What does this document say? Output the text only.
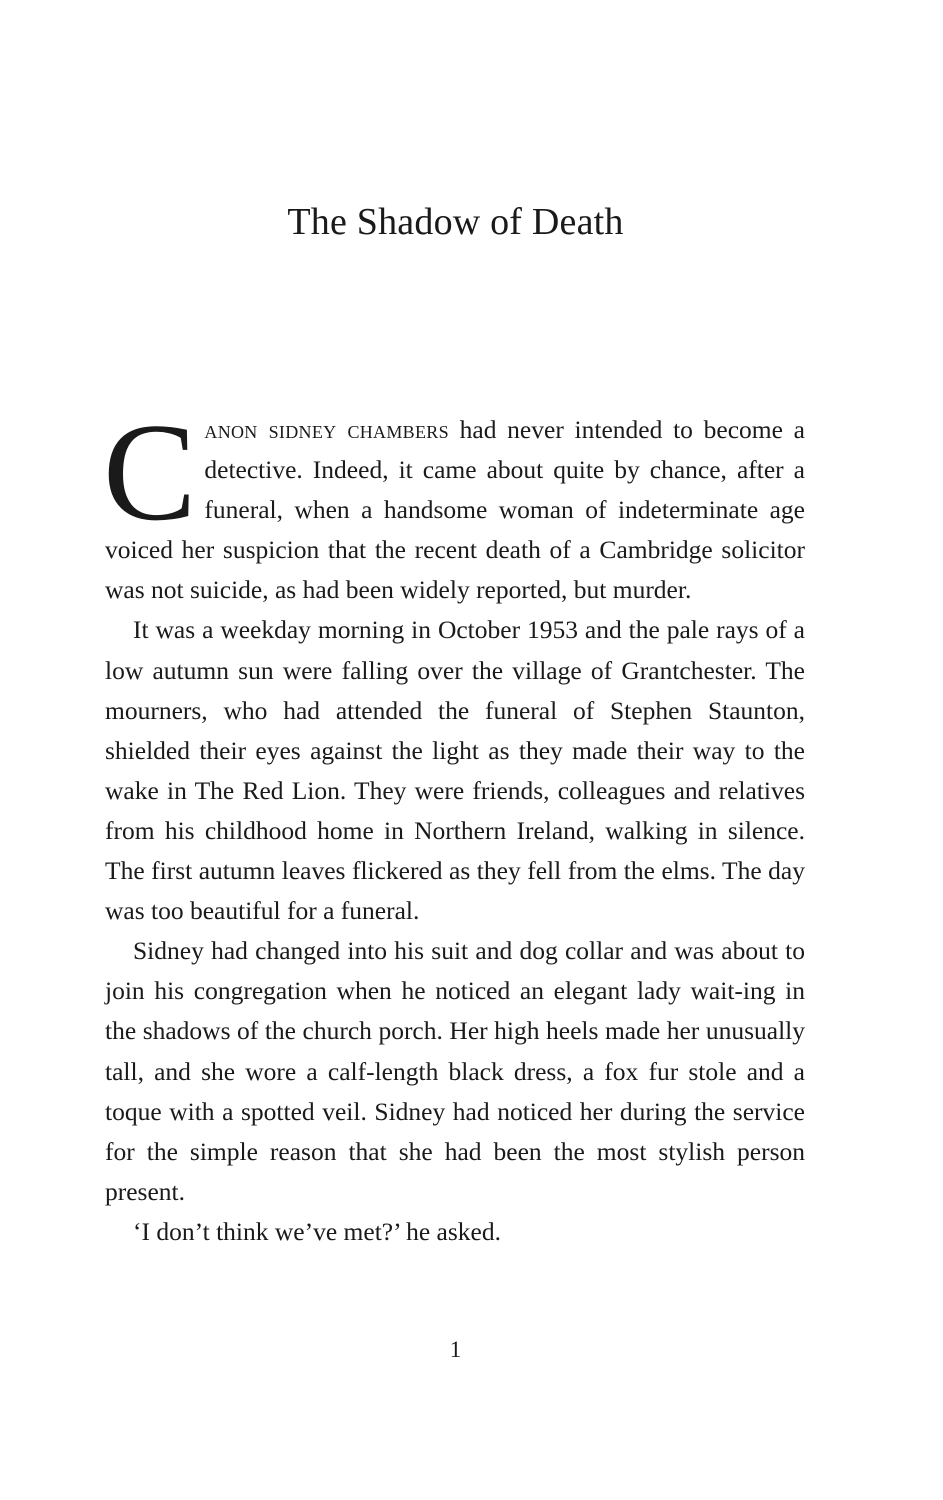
The Shadow of Death

Canon sidney chambers had never intended to become a detective. Indeed, it came about quite by chance, after a funeral, when a handsome woman of indeterminate age voiced her suspicion that the recent death of a Cambridge solicitor was not suicide, as had been widely reported, but murder.

It was a weekday morning in October 1953 and the pale rays of a low autumn sun were falling over the village of Grantchester. The mourners, who had attended the funeral of Stephen Staunton, shielded their eyes against the light as they made their way to the wake in The Red Lion. They were friends, colleagues and relatives from his childhood home in Northern Ireland, walking in silence. The first autumn leaves flickered as they fell from the elms. The day was too beautiful for a funeral.

Sidney had changed into his suit and dog collar and was about to join his congregation when he noticed an elegant lady wait-ing in the shadows of the church porch. Her high heels made her unusually tall, and she wore a calf-length black dress, a fox fur stole and a toque with a spotted veil. Sidney had noticed her during the service for the simple reason that she had been the most stylish person present.

‘I don’t think we’ve met?’ he asked.

1
